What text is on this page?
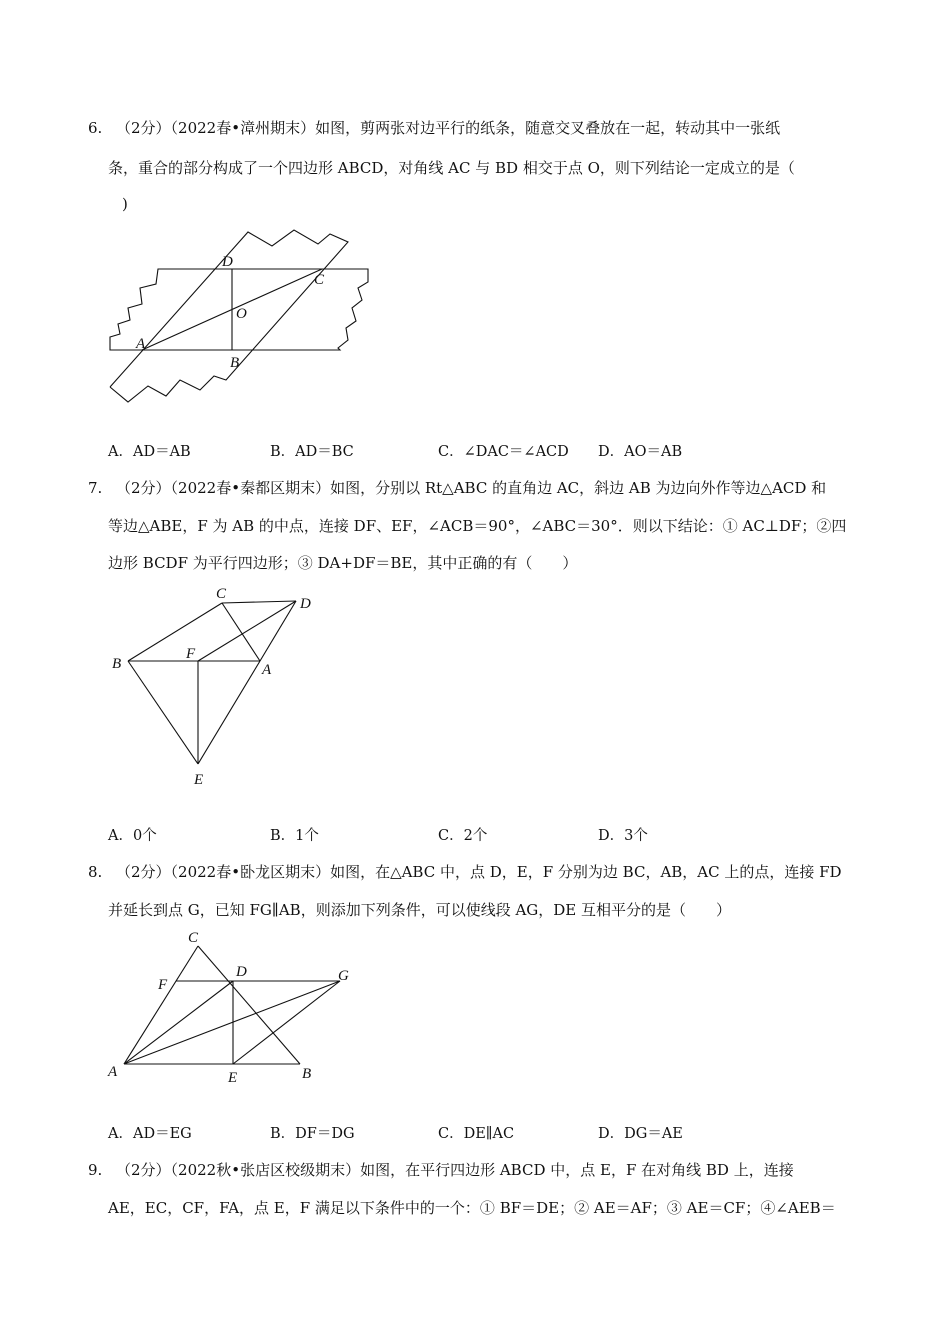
6. （2分）（2022春•漳州期末）如图，剪两张对边平行的纸条，随意交叉叠放在一起，转动其中一张纸
条，重合的部分构成了一个四边形 ABCD，对角线 AC 与 BD 相交于点 O，则下列结论一定成立的是（
)
D
C
O
A
B
A．AD＝AB	B．AD＝BC	C．∠DAC＝∠ACD D．AO＝AB
7. （2分）（2022春•秦都区期末）如图，分别以 Rt△ABC 的直角边 AC，斜边 AB 为边向外作等边△ACD 和
等边△ABE，F 为 AB 的中点，连接 DF、EF，∠ACB＝90°，∠ABC＝30°．则以下结论：① AC⊥DF；②四
边形 BCDF 为平行四边形；③ DA+DF＝BE，其中正确的有（　　）
C
D
B
F
A
E
A．0个	B．1个	C．2个	D．3个
8. （2分）（2022春•卧龙区期末）如图，在△ABC 中，点 D，E，F 分别为边 BC，AB，AC 上的点，连接 FD
并延长到点 G，已知 FG∥AB，则添加下列条件，可以使线段 AG，DE 互相平分的是（　　）
C
F
D	G
A	E	B
A．AD＝EG	B．DF＝DG	C．DE∥AC	D．DG＝AE
9. （2分）（2022秋•张店区校级期末）如图，在平行四边形 ABCD 中，点 E，F 在对角线 BD 上，连接
AE，EC，CF，FA，点 E，F 满足以下条件中的一个：① BF＝DE；② AE＝AF；③ AE＝CF；④∠AEB＝
